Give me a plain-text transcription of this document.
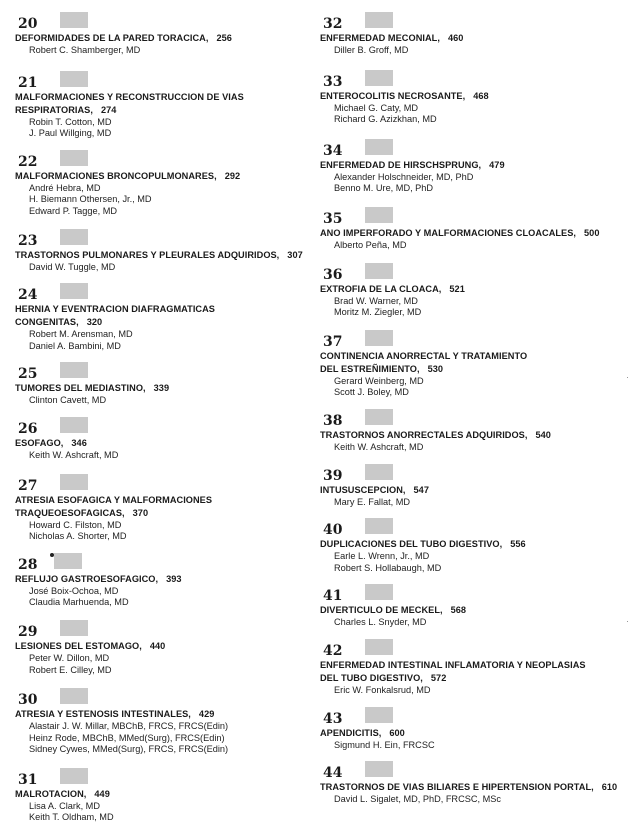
20
DEFORMIDADES DE LA PARED TORACICA, 256
Robert C. Shamberger, MD
21
MALFORMACIONES Y RECONSTRUCCION DE VIAS
RESPIRATORIAS, 274
Robin T. Cotton, MD
J. Paul Willging, MD
22
MALFORMACIONES BRONCOPULMONARES, 292
André Hebra, MD
H. Biemann Othersen, Jr., MD
Edward P. Tagge, MD
23
TRASTORNOS PULMONARES Y PLEURALES ADQUIRIDOS, 307
David W. Tuggle, MD
24
HERNIA Y EVENTRACION DIAFRAGMATICAS
CONGENITAS, 320
Robert M. Arensman, MD
Daniel A. Bambini, MD
25
TUMORES DEL MEDIASTINO, 339
Clinton Cavett, MD
26
ESOFAGO, 346
Keith W. Ashcraft, MD
27
ATRESIA ESOFAGICA Y MALFORMACIONES
TRAQUEOESOFAGICAS, 370
Howard C. Filston, MD
Nicholas A. Shorter, MD
28
REFLUJO GASTROESOFAGICO, 393
José Boix-Ochoa, MD
Claudia Marhuenda, MD
29
LESIONES DEL ESTOMAGO, 440
Peter W. Dillon, MD
Robert E. Cilley, MD
30
ATRESIA Y ESTENOSIS INTESTINALES, 429
Alastair J. W. Millar, MBChB, FRCS, FRCS(Edin)
Heinz Rode, MBChB, MMed(Surg), FRCS(Edin)
Sidney Cywes, MMed(Surg), FRCS, FRCS(Edin)
31
MALROTACION, 449
Lisa A. Clark, MD
Keith T. Oldham, MD
32
ENFERMEDAD MECONIAL, 460
Diller B. Groff, MD
33
ENTEROCOLITIS NECROSANTE, 468
Michael G. Caty, MD
Richard G. Azizkhan, MD
34
ENFERMEDAD DE HIRSCHSPRUNG, 479
Alexander Holschneider, MD, PhD
Benno M. Ure, MD, PhD
35
ANO IMPERFORADO Y MALFORMACIONES CLOACALES, 500
Alberto Peña, MD
36
EXTROFIA DE LA CLOACA, 521
Brad W. Warner, MD
Moritz M. Ziegler, MD
37
CONTINENCIA ANORRECTAL Y TRATAMIENTO
DEL ESTREÑIMIENTO, 530
Gerard Weinberg, MD
Scott J. Boley, MD
38
TRASTORNOS ANORRECTALES ADQUIRIDOS, 540
Keith W. Ashcraft, MD
39
INTUSUSCEPCION, 547
Mary E. Fallat, MD
40
DUPLICACIONES DEL TUBO DIGESTIVO, 556
Earle L. Wrenn, Jr., MD
Robert S. Hollabaugh, MD
41
DIVERTICULO DE MECKEL, 568
Charles L. Snyder, MD
42
ENFERMEDAD INTESTINAL INFLAMATORIA Y NEOPLASIAS
DEL TUBO DIGESTIVO, 572
Eric W. Fonkalsrud, MD
43
APENDICITIS, 600
Sigmund H. Ein, FRCSC
44
TRASTORNOS DE VIAS BILIARES E HIPERTENSION PORTAL, 610
David L. Sigalet, MD, PhD, FRCSC, MSc
·
·
